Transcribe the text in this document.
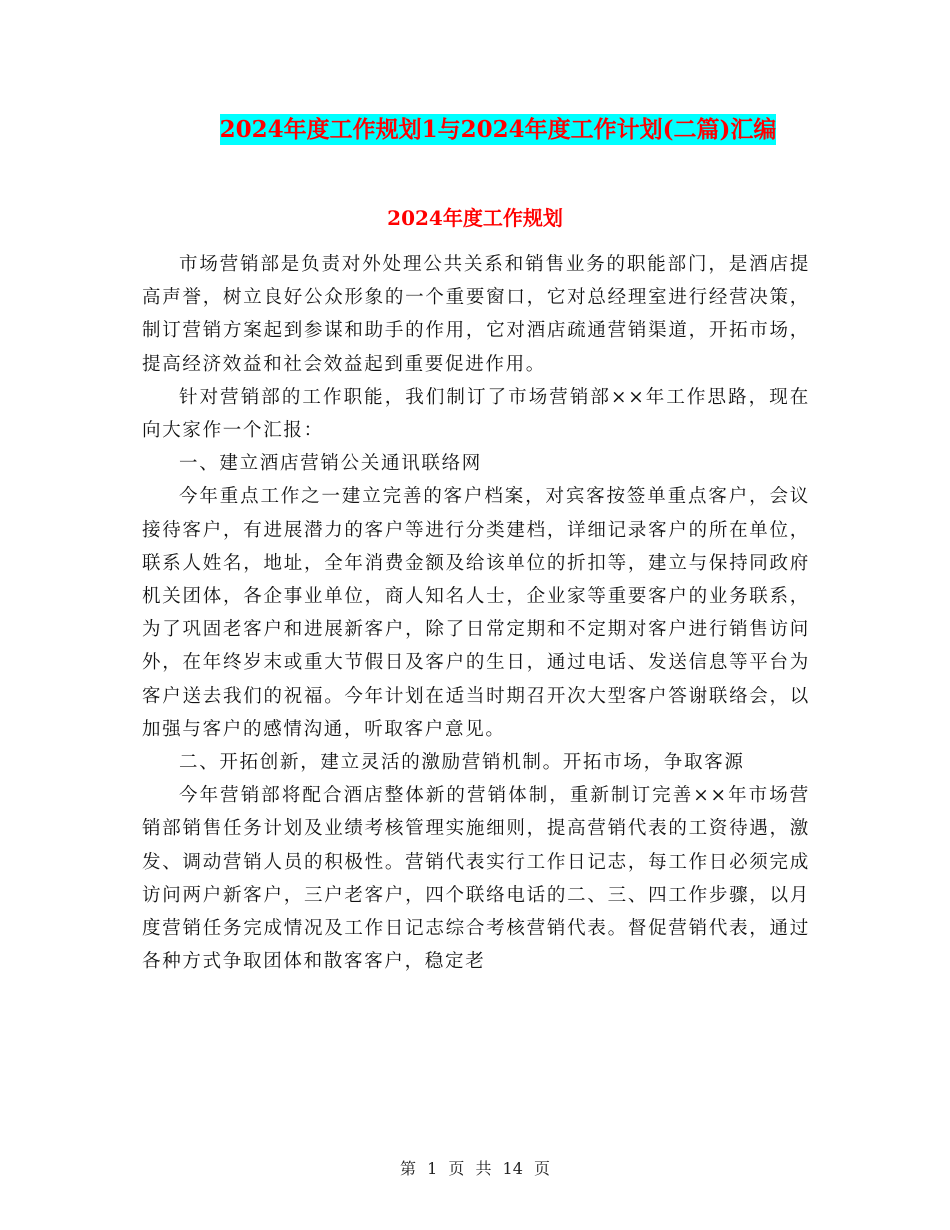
2024年度工作规划1与2024年度工作计划(二篇)汇编
2024年度工作规划

市场营销部是负责对外处理公共关系和销售业务的职能部门，是酒店提高声誉，树立良好公众形象的一个重要窗口，它对总经理室进行经营决策，制订营销方案起到参谋和助手的作用，它对酒店疏通营销渠道，开拓市场，提高经济效益和社会效益起到重要促进作用。

针对营销部的工作职能，我们制订了市场营销部××年工作思路，现在向大家作一个汇报：

一、建立酒店营销公关通讯联络网

今年重点工作之一建立完善的客户档案，对宾客按签单重点客户，会议接待客户，有进展潜力的客户等进行分类建档，详细记录客户的所在单位，联系人姓名，地址，全年消费金额及给该单位的折扣等，建立与保持同政府机关团体，各企事业单位，商人知名人士，企业家等重要客户的业务联系，为了巩固老客户和进展新客户，除了日常定期和不定期对客户进行销售访问外，在年终岁末或重大节假日及客户的生日，通过电话、发送信息等平台为客户送去我们的祝福。今年计划在适当时期召开次大型客户答谢联络会，以加强与客户的感情沟通，听取客户意见。

二、开拓创新，建立灵活的激励营销机制。开拓市场，争取客源

今年营销部将配合酒店整体新的营销体制，重新制订完善××年市场营销部销售任务计划及业绩考核管理实施细则，提高营销代表的工资待遇，激发、调动营销人员的积极性。营销代表实行工作日记志，每工作日必须完成访问两户新客户，三户老客户，四个联络电话的二、三、四工作步骤，以月度营销任务完成情况及工作日记志综合考核营销代表。督促营销代表，通过各种方式争取团体和散客客户，稳定老

第 1 页 共 14 页
